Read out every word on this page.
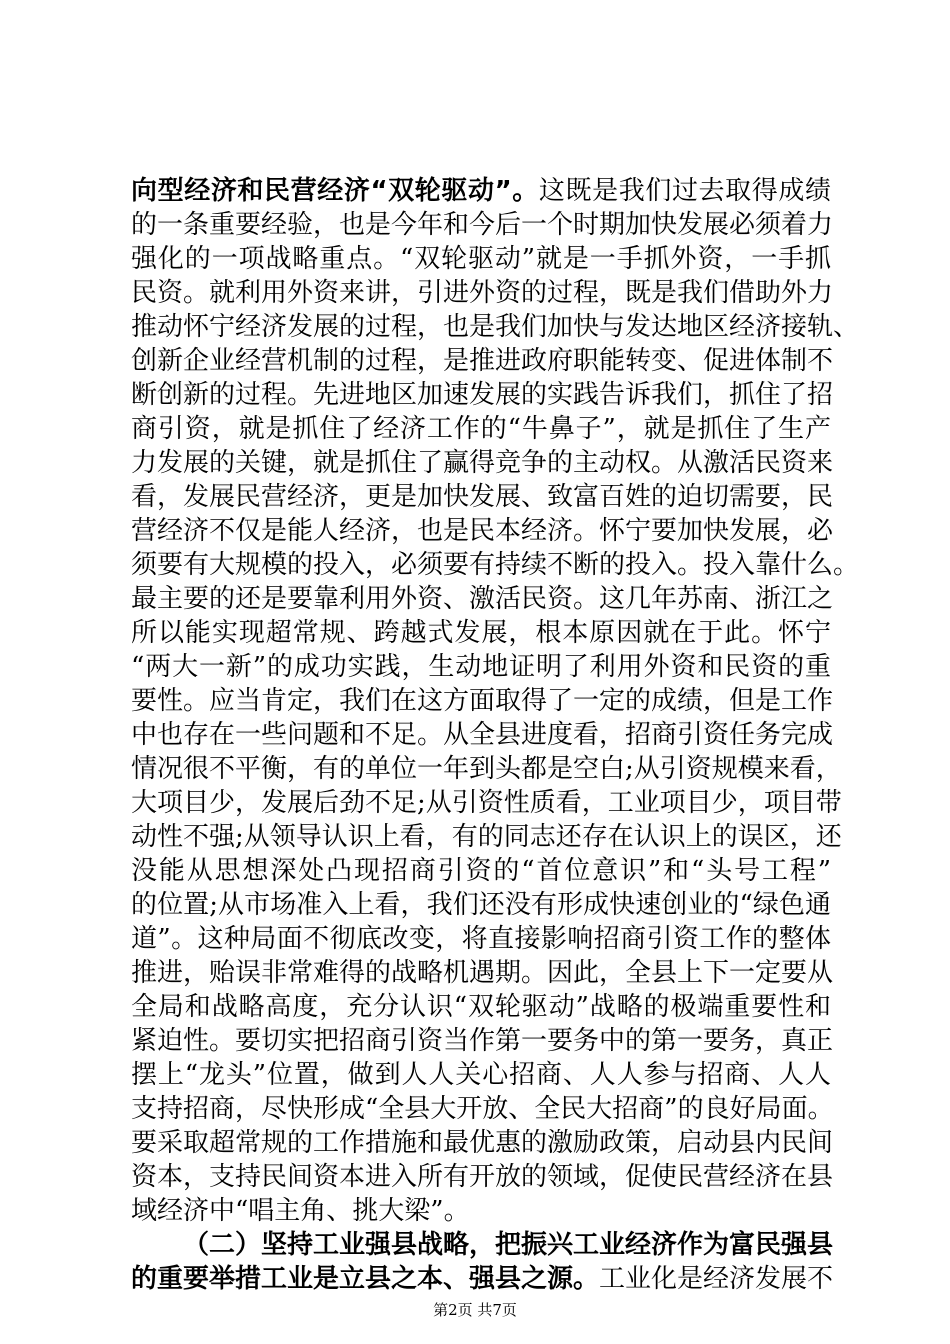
向型经济和民营经济“双轮驱动”。这既是我们过去取得成绩
的一条重要经验，也是今年和今后一个时期加快发展必须着力
强化的一项战略重点。“双轮驱动”就是一手抓外资，一手抓
民资。就利用外资来讲，引进外资的过程，既是我们借助外力
推动怀宁经济发展的过程，也是我们加快与发达地区经济接轨、
创新企业经营机制的过程，是推进政府职能转变、促进体制不
断创新的过程。先进地区加速发展的实践告诉我们，抓住了招
商引资，就是抓住了经济工作的“牛鼻子”，就是抓住了生产
力发展的关键，就是抓住了赢得竞争的主动权。从激活民资来
看，发展民营经济，更是加快发展、致富百姓的迫切需要，民
营经济不仅是能人经济，也是民本经济。怀宁要加快发展，必
须要有大规模的投入，必须要有持续不断的投入。投入靠什么。
最主要的还是要靠利用外资、激活民资。这几年苏南、浙江之
所以能实现超常规、跨越式发展，根本原因就在于此。怀宁
“两大一新”的成功实践，生动地证明了利用外资和民资的重
要性。应当肯定，我们在这方面取得了一定的成绩，但是工作
中也存在一些问题和不足。从全县进度看，招商引资任务完成
情况很不平衡，有的单位一年到头都是空白;从引资规模来看，
大项目少，发展后劲不足;从引资性质看，工业项目少，项目带
动性不强;从领导认识上看，有的同志还存在认识上的误区，还
没能从思想深处凸现招商引资的“首位意识”和“头号工程”
的位置;从市场准入上看，我们还没有形成快速创业的“绿色通
道”。这种局面不彻底改变，将直接影响招商引资工作的整体
推进，贻误非常难得的战略机遇期。因此，全县上下一定要从
全局和战略高度，充分认识“双轮驱动”战略的极端重要性和
紧迫性。要切实把招商引资当作第一要务中的第一要务，真正
摆上“龙头”位置，做到人人关心招商、人人参与招商、人人
支持招商，尽快形成“全县大开放、全民大招商”的良好局面。
要采取超常规的工作措施和最优惠的激励政策，启动县内民间
资本，支持民间资本进入所有开放的领域，促使民营经济在县
域经济中“唱主角、挑大梁”。
（二）坚持工业强县战略，把振兴工业经济作为富民强县
的重要举措工业是立县之本、强县之源。工业化是经济发展不
第2页 共7页
